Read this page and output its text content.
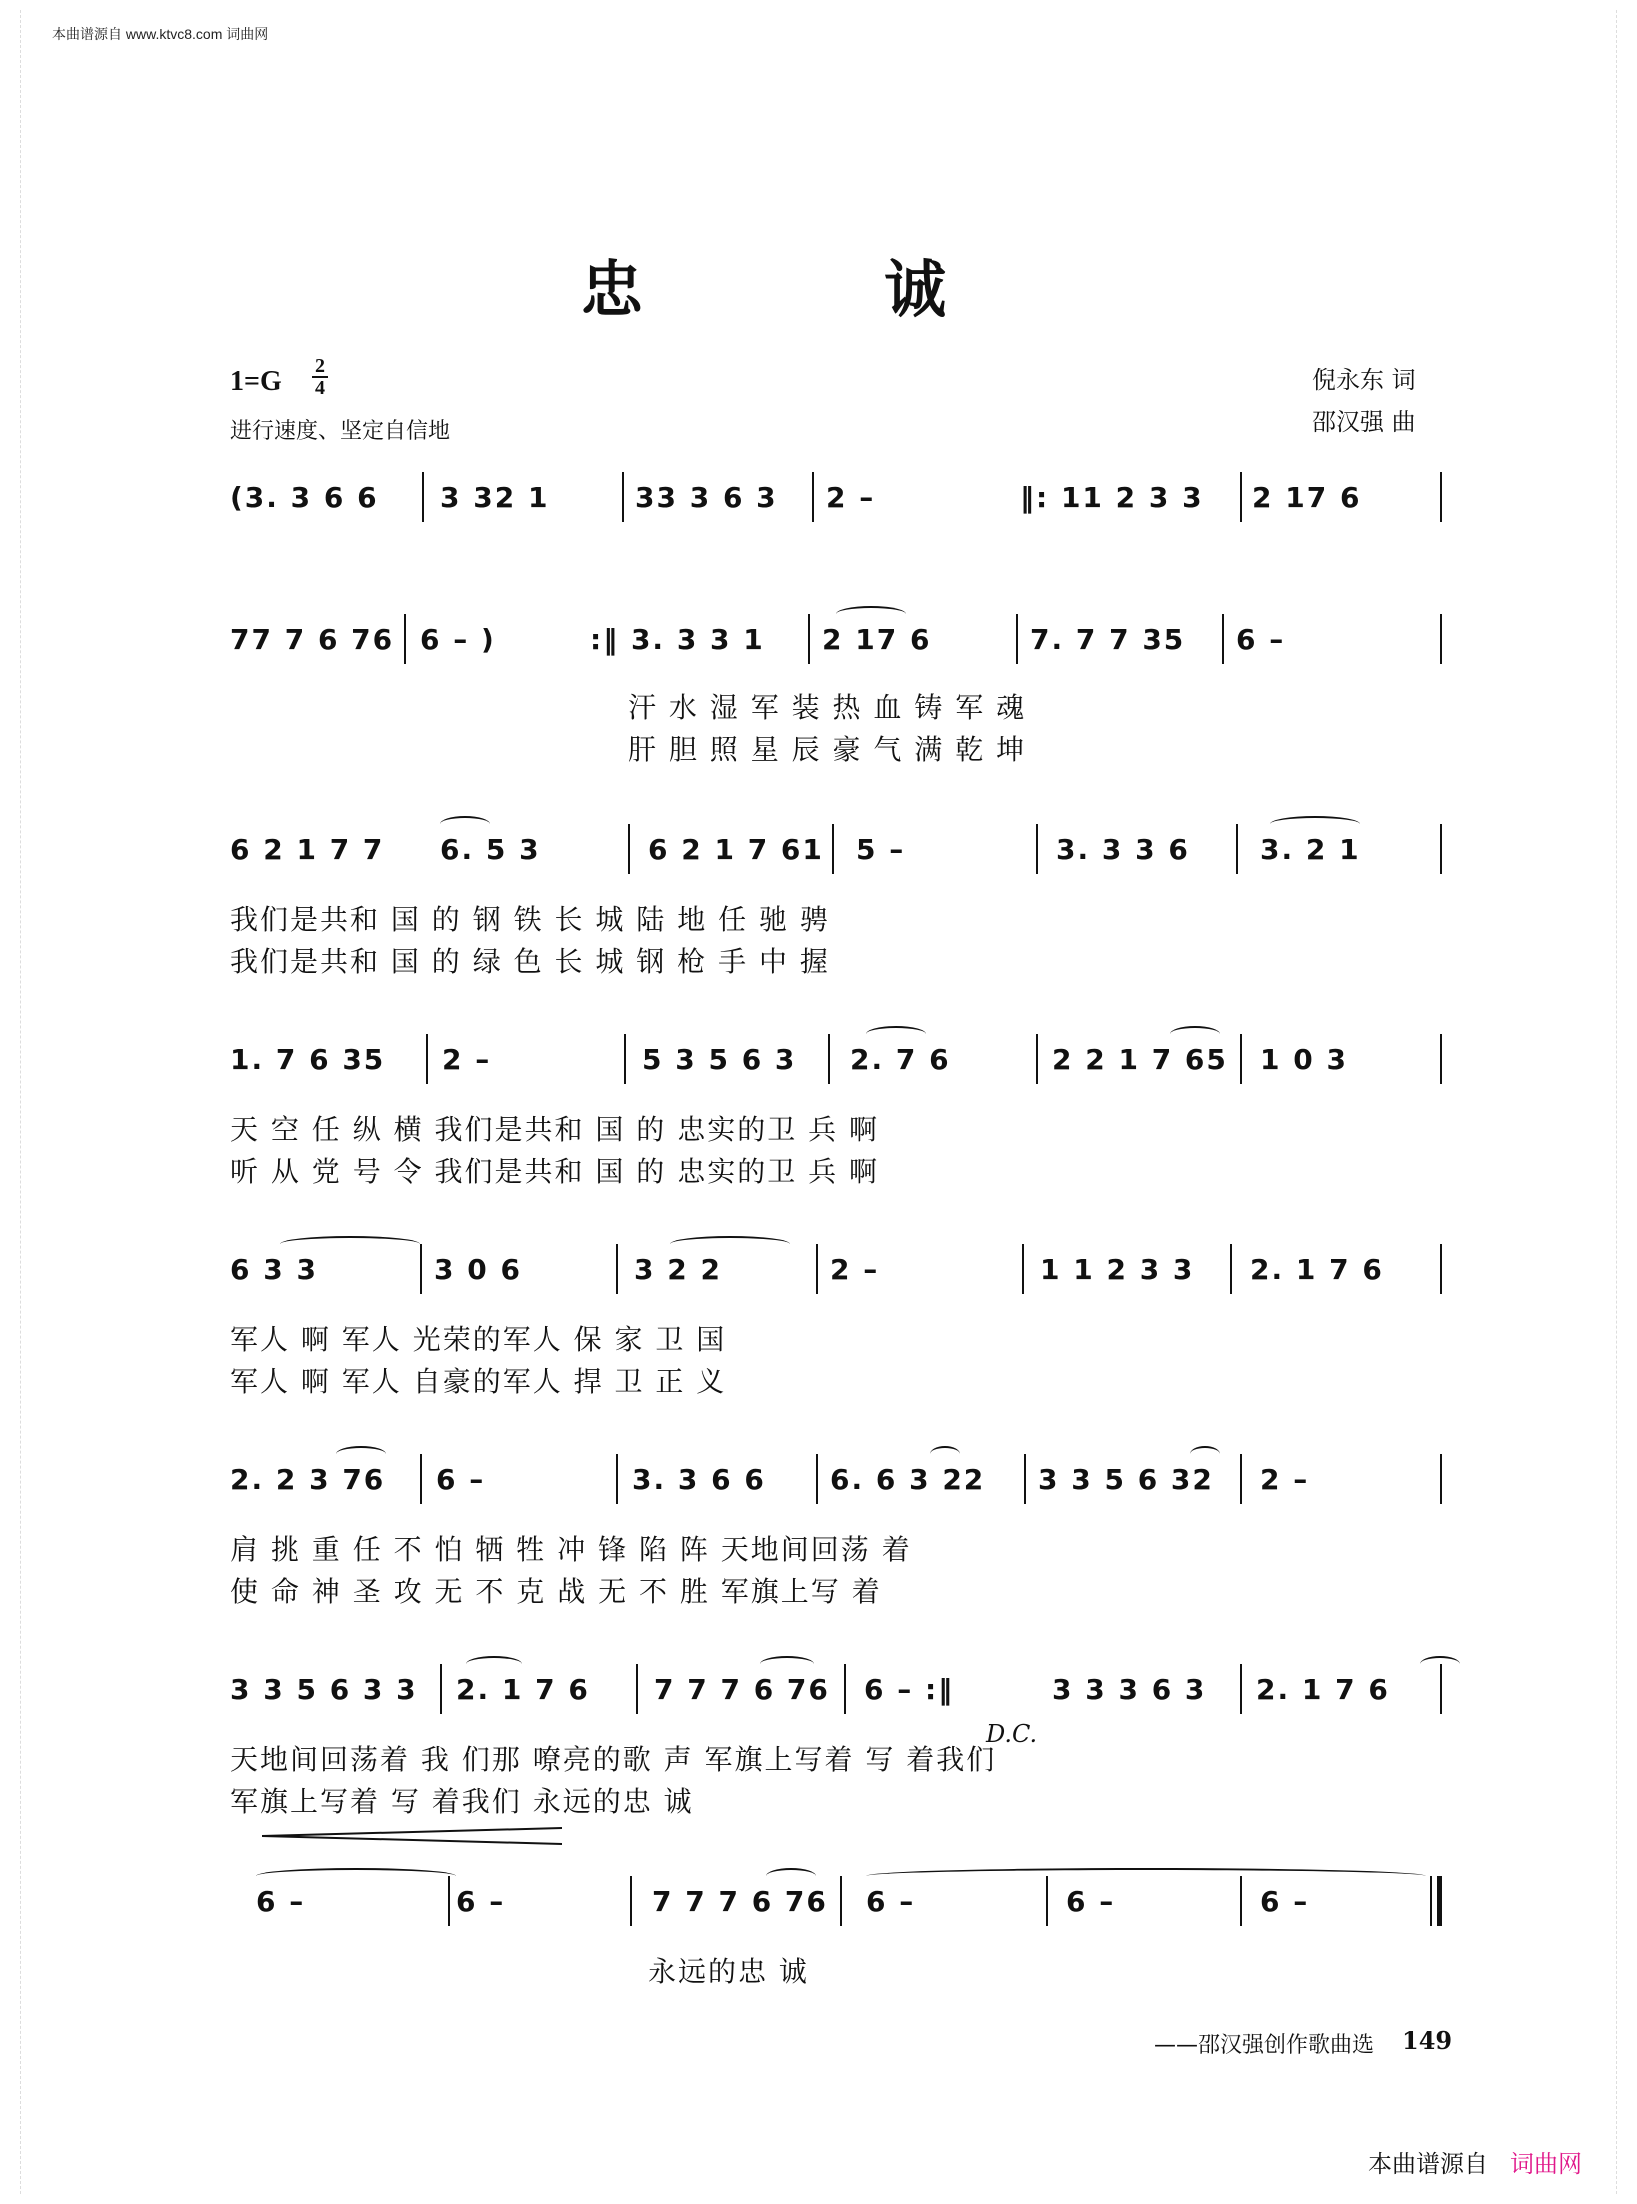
本曲谱源自 www.ktvc8.com 词曲网
忠 诚
1=G 2
4
进行速度、坚定自信地
倪永东 词
邵汉强 曲
(3. 3 6 6 3 32 1	33 3 6 3 2 –	‖: 11 2 3 3 2 17 6
77 7 6 76 6 – )	:‖ 3. 3 3 1 2 17 6	7. 7 7 35 6 –
汗 水 湿 军 装 热 血 铸 军 魂
肝 胆 照 星 辰 豪 气 满 乾 坤
6 2 1 7 7 6. 5 3	6 2 1 7 61 5 –	3. 3 3 6	3. 2 1
我们是共和 国 的 钢 铁 长 城 陆 地 任 驰 骋
我们是共和 国 的 绿 色 长 城 钢 枪 手 中 握
1. 7 6 35 2 –	5 3 5 6 3 2. 7 6	2 2 1 7 65 1 0 3
天 空 任 纵 横 我们是共和 国 的 忠实的卫 兵 啊
听 从 党 号 令 我们是共和 国 的 忠实的卫 兵 啊
6 3 3	3 0 6	3 2 2	2 –	1 1 2 3 3 2. 1 7 6
军人 啊 军人 光荣的军人 保 家 卫 国
军人 啊 军人 自豪的军人 捍 卫 正 义
2. 2 3 76 6 –	3. 3 6 6 6. 6 3 22 3 3 5 6 32 2 –
肩 挑 重 任 不 怕 牺 牲 冲 锋 陷 阵 天地间回荡 着
使 命 神 圣 攻 无 不 克 战 无 不 胜 军旗上写 着
3 3 5 6 3 3 2. 1 7 6 7 7 7 6 76 6 – :‖	3 3 3 6 3 2. 1 7 6
D.C.
天地间回荡着 我 们那 嘹亮的歌 声 军旗上写着 写 着我们
军旗上写着 写 着我们 永远的忠 诚
6 –	6 –	7 7 7 6 76 6 –	6 –	6 –
永远的忠 诚
——邵汉强创作歌曲选 149
本曲谱源自 词曲网
